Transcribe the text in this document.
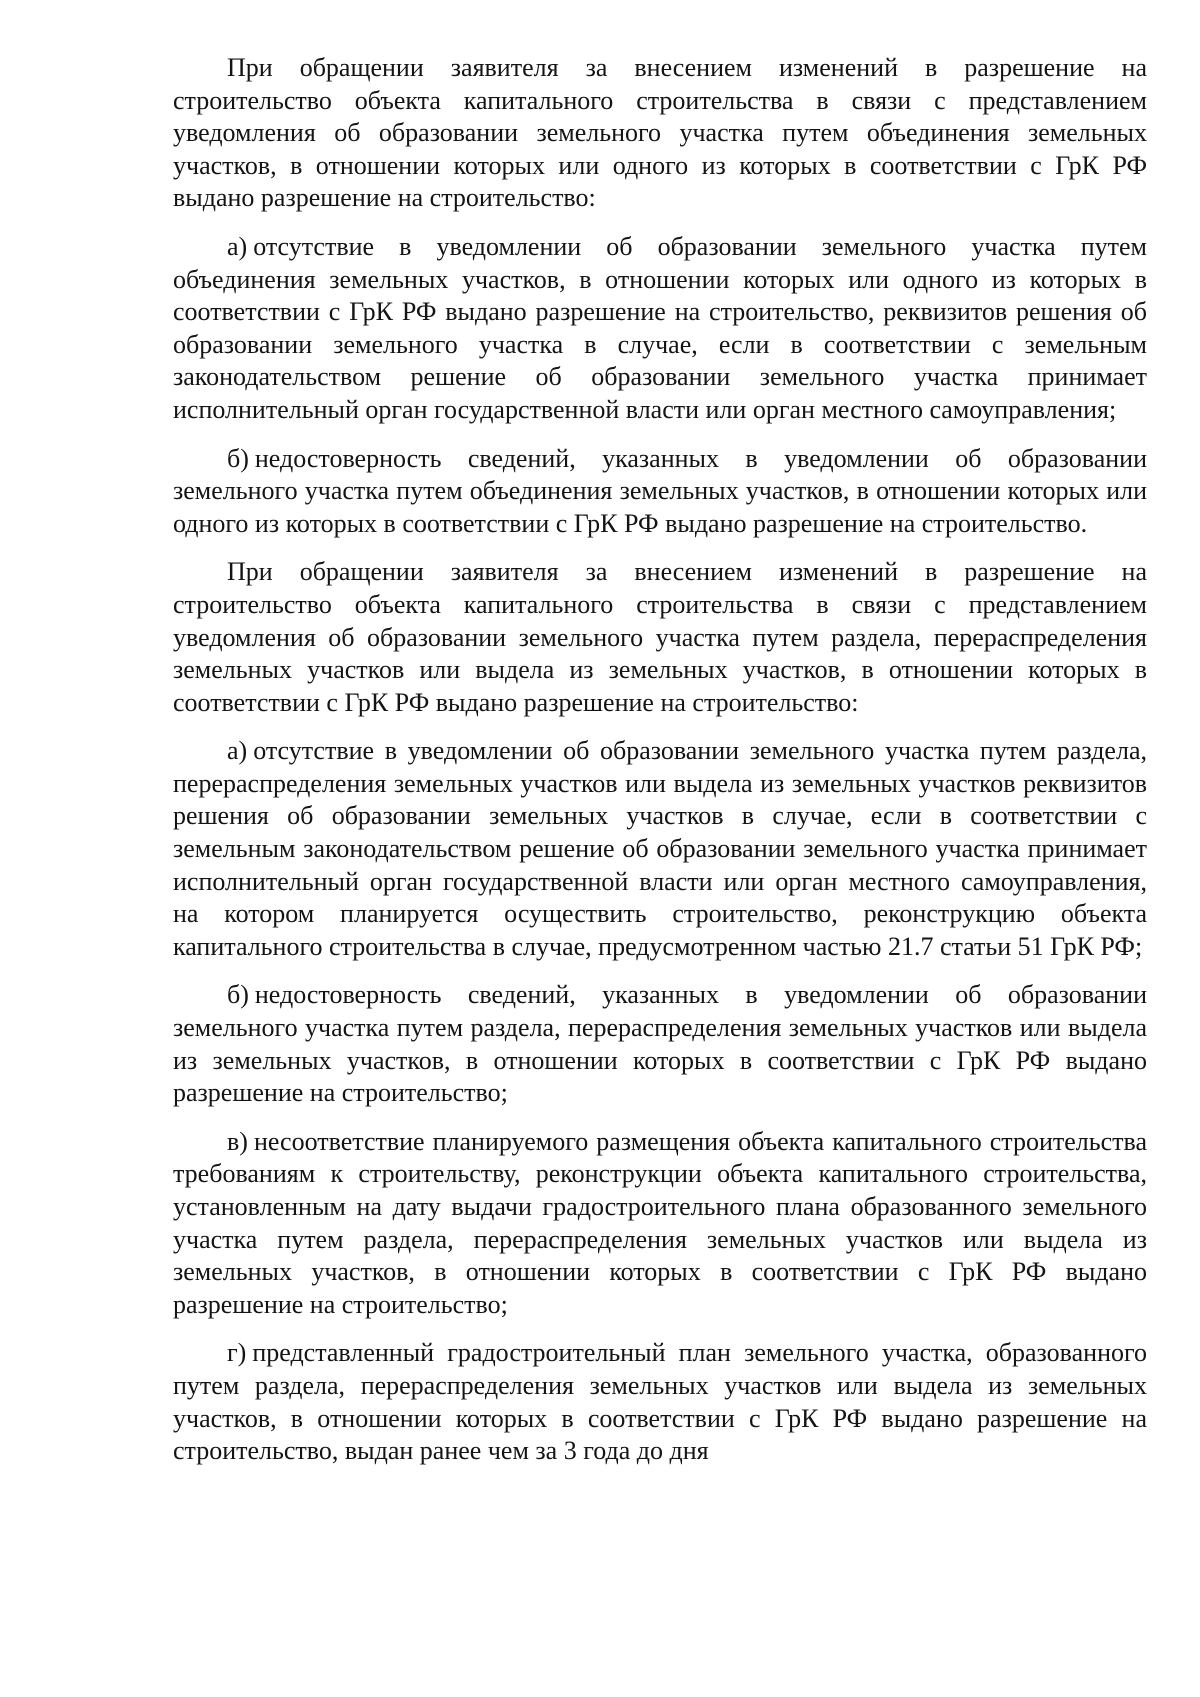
При обращении заявителя за внесением изменений в разрешение на строительство объекта капитального строительства в связи с представлением уведомления об образовании земельного участка путем объединения земельных участков, в отношении которых или одного из которых в соответствии с ГрК РФ выдано разрешение на строительство:

а) отсутствие в уведомлении об образовании земельного участка путем объединения земельных участков, в отношении которых или одного из которых в соответствии с ГрК РФ выдано разрешение на строительство, реквизитов решения об образовании земельного участка в случае, если в соответствии с земельным законодательством решение об образовании земельного участка принимает исполнительный орган государственной власти или орган местного самоуправления;

б) недостоверность сведений, указанных в уведомлении об образовании земельного участка путем объединения земельных участков, в отношении которых или одного из которых в соответствии с ГрК РФ выдано разрешение на строительство.

При обращении заявителя за внесением изменений в разрешение на строительство объекта капитального строительства в связи с представлением уведомления об образовании земельного участка путем раздела, перераспределения земельных участков или выдела из земельных участков, в отношении которых в соответствии с ГрК РФ выдано разрешение на строительство:

а) отсутствие в уведомлении об образовании земельного участка путем раздела, перераспределения земельных участков или выдела из земельных участков реквизитов решения об образовании земельных участков в случае, если в соответствии с земельным законодательством решение об образовании земельного участка принимает исполнительный орган государственной власти или орган местного самоуправления, на котором планируется осуществить строительство, реконструкцию объекта капитального строительства в случае, предусмотренном частью 21.7 статьи 51 ГрК РФ;

б) недостоверность сведений, указанных в уведомлении об образовании земельного участка путем раздела, перераспределения земельных участков или выдела из земельных участков, в отношении которых в соответствии с ГрК РФ выдано разрешение на строительство;

в) несоответствие планируемого размещения объекта капитального строительства требованиям к строительству, реконструкции объекта капитального строительства, установленным на дату выдачи градостроительного плана образованного земельного участка путем раздела, перераспределения земельных участков или выдела из земельных участков, в отношении которых в соответствии с ГрК РФ выдано разрешение на строительство;

г) представленный градостроительный план земельного участка, образованного путем раздела, перераспределения земельных участков или выдела из земельных участков, в отношении которых в соответствии с ГрК РФ выдано разрешение на строительство, выдан ранее чем за 3 года до дня
